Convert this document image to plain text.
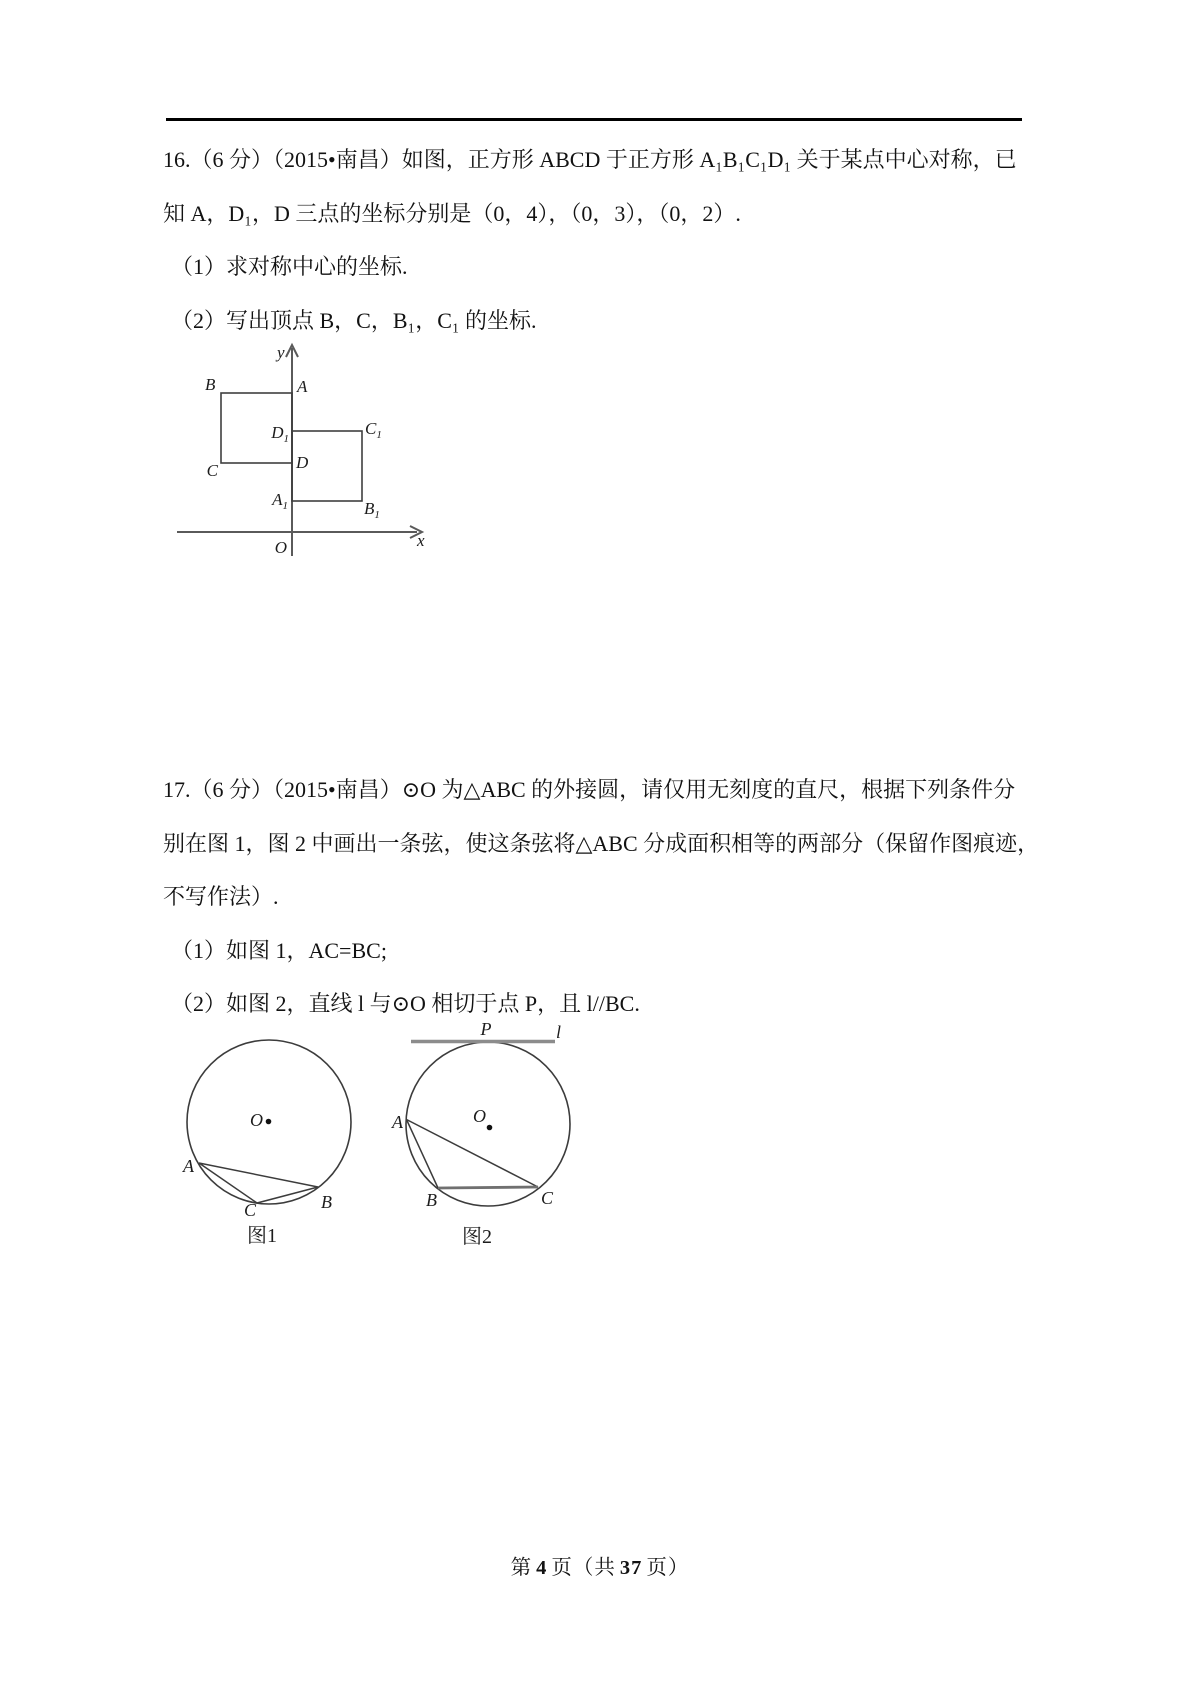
16.（6 分）（2015•南昌）如图，正方形 ABCD 于正方形 A₁B₁C₁D₁ 关于某点中心对称，已
知 A，D₁，D 三点的坐标分别是（0，4），（0，3），（0，2）.
（1）求对称中心的坐标.
（2）写出顶点 B，C，B₁，C₁ 的坐标.
y
x
O
B	A
$D_1$
$C_1$
D
C
$A_1$	$B_1$
17.（6 分）（2015•南昌）⊙O 为△ABC 的外接圆，请仅用无刻度的直尺，根据下列条件分
别在图 1，图 2 中画出一条弦，使这条弦将△ABC 分成面积相等的两部分（保留作图痕迹，
不写作法）.
（1）如图 1，AC=BC;
（2）如图 2，直线 l 与⊙O 相切于点 P，且 l//BC.
O
A
B
C
图1
P	l
O
A
B	C
图2
第 4 页（共 37 页）
